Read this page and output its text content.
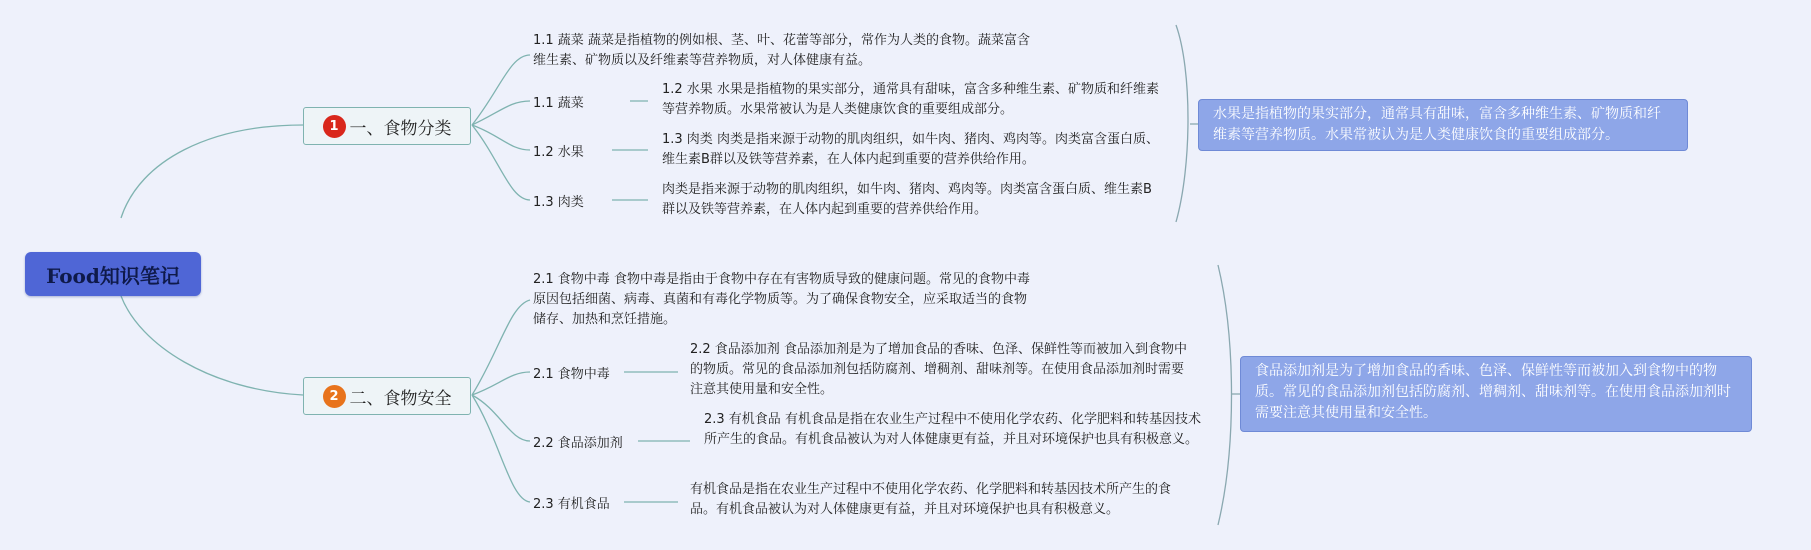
Food知识笔记
1 一、食物分类
1.1 蔬菜 蔬菜是指植物的例如根、茎、叶、花蕾等部分，常作为人类的食物。蔬菜富含维生素、矿物质以及纤维素等营养物质，对人体健康有益。
1.1 蔬菜
1.2 水果
1.3 肉类
1.2 水果 水果是指植物的果实部分，通常具有甜味，富含多种维生素、矿物质和纤维素等营养物质。水果常被认为是人类健康饮食的重要组成部分。
1.3 肉类 肉类是指来源于动物的肌肉组织，如牛肉、猪肉、鸡肉等。肉类富含蛋白质、维生素B群以及铁等营养素，在人体内起到重要的营养供给作用。
肉类是指来源于动物的肌肉组织，如牛肉、猪肉、鸡肉等。肉类富含蛋白质、维生素B群以及铁等营养素，在人体内起到重要的营养供给作用。
水果是指植物的果实部分，通常具有甜味，富含多种维生素、矿物质和纤维素等营养物质。水果常被认为是人类健康饮食的重要组成部分。
2 二、食物安全
2.1 食物中毒 食物中毒是指由于食物中存在有害物质导致的健康问题。常见的食物中毒原因包括细菌、病毒、真菌和有毒化学物质等。为了确保食物安全，应采取适当的食物储存、加热和烹饪措施。
2.1 食物中毒
2.2 食品添加剂
2.3 有机食品
2.2 食品添加剂 食品添加剂是为了增加食品的香味、色泽、保鲜性等而被加入到食物中的物质。常见的食品添加剂包括防腐剂、增稠剂、甜味剂等。在使用食品添加剂时需要注意其使用量和安全性。
2.3 有机食品 有机食品是指在农业生产过程中不使用化学农药、化学肥料和转基因技术所产生的食品。有机食品被认为对人体健康更有益，并且对环境保护也具有积极意义。
有机食品是指在农业生产过程中不使用化学农药、化学肥料和转基因技术所产生的食品。有机食品被认为对人体健康更有益，并且对环境保护也具有积极意义。
食品添加剂是为了增加食品的香味、色泽、保鲜性等而被加入到食物中的物质。常见的食品添加剂包括防腐剂、增稠剂、甜味剂等。在使用食品添加剂时需要注意其使用量和安全性。
